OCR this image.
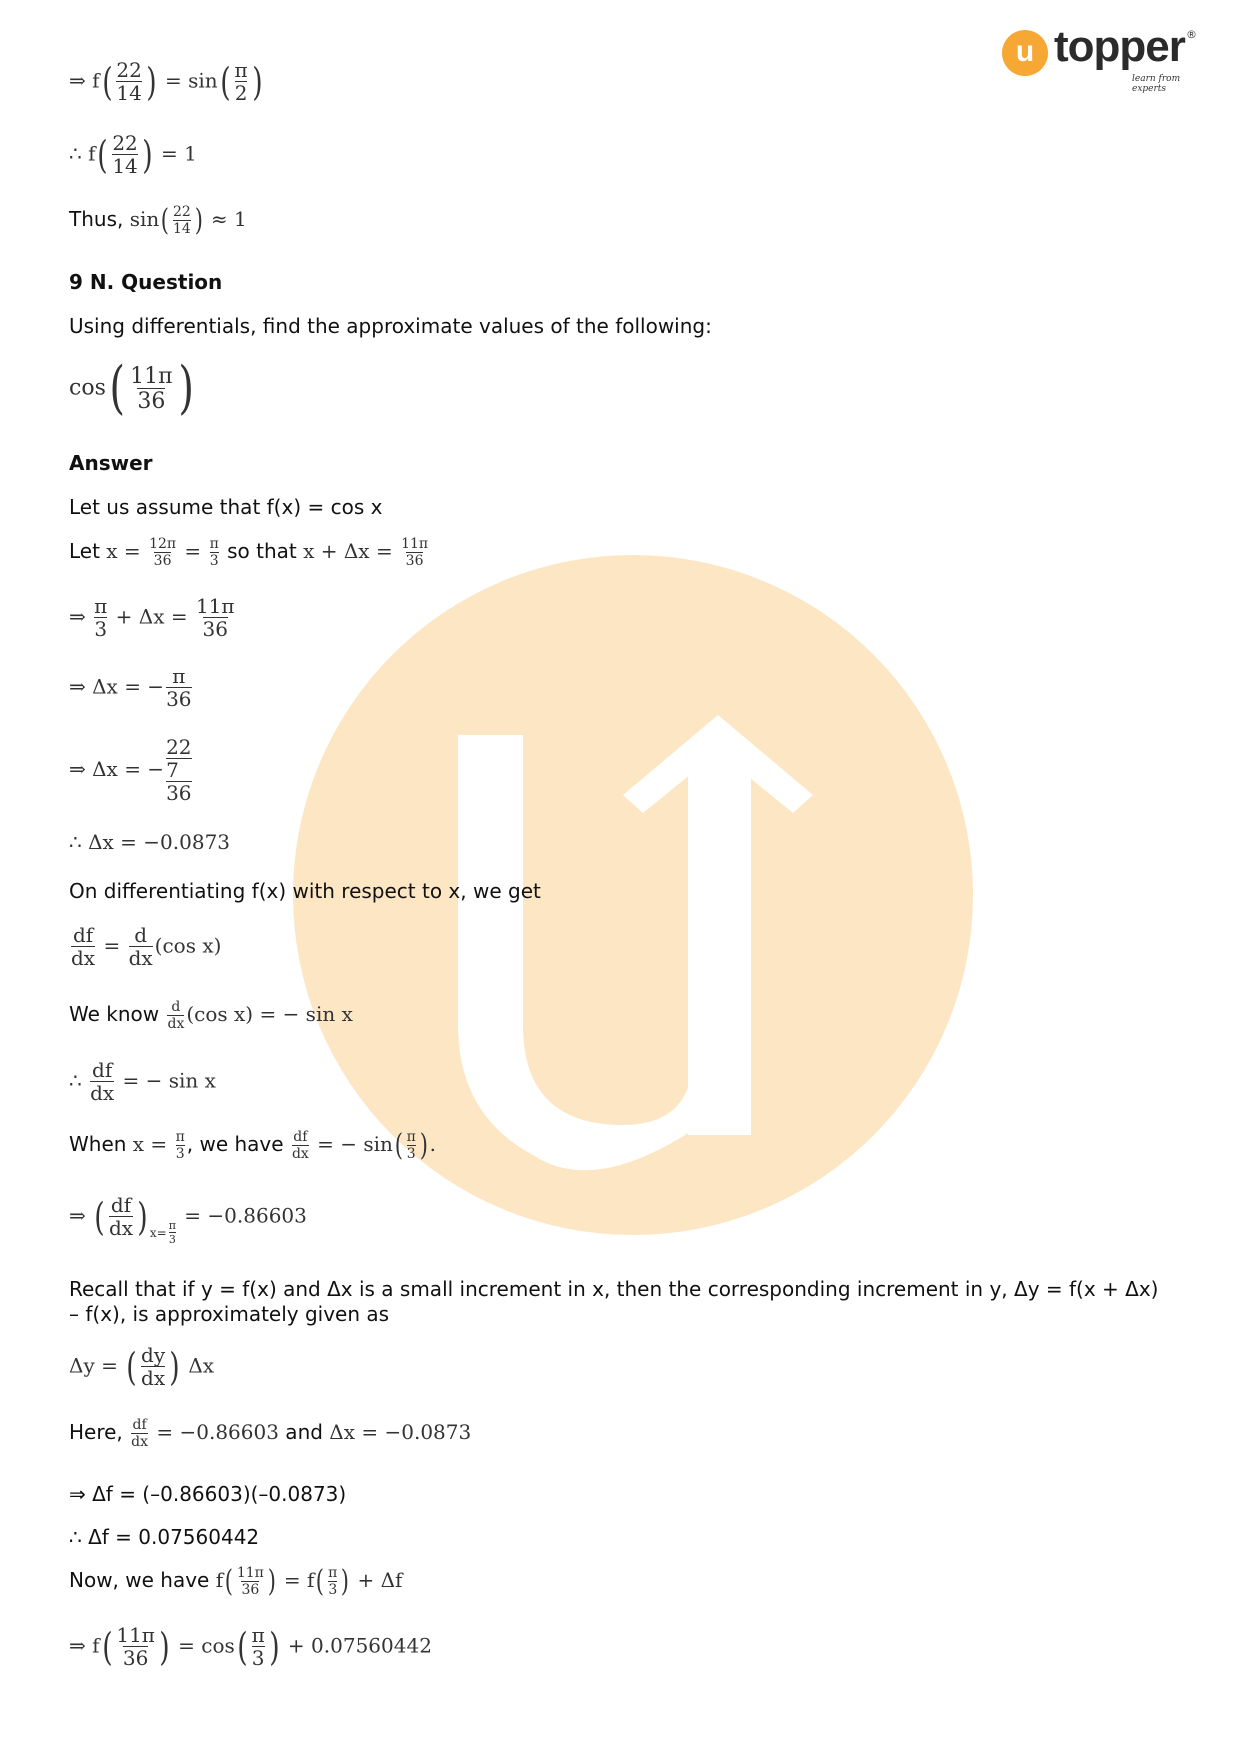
u topper ®
learn from experts
⇒ $f( \frac{22}{14}$ ) = $\sin( \frac{\pi}{2}$ )
∴ $f( \frac{22}{14}$ ) = 1
Thus, $\sin( \frac{22}{14}$ ) ≈ 1
9 N. Question
Using differentials, find the approximate values of the following:
$\cos( \frac{11\pi}{36}$ )
Answer
Let us assume that f(x) = cos x
Let $x = \frac{12\pi}{36} = \frac{\pi}{3}$ so that $x + \Delta x = \frac{11\pi}{36}$
⇒ $\frac{\pi}{3} + \Delta x = \frac{11\pi}{36}$
⇒ Δx = − $\frac{\pi}{36}$
⇒ Δx = − $\frac{\frac{22}{7}}{36}$
∴ Δx = −0.0873
On differentiating f(x) with respect to x, we get
$\frac{df}{dx} = \frac{d}{dx} (\cos$ x)
We know $\frac{d}{dx} (\cos$ x) = − sin x
∴ $\frac{df}{dx}$ = − sin x
When $x = \frac{\pi}{3}$ , we have $\frac{df}{dx}$ = − $\sin( \frac{\pi}{3}$ ).
⇒ ( $\frac{df}{dx}$ ) $_{x= \frac{\pi}{3}}$
= −0.86603
Recall that if y = f(x) and Δx is a small increment in x, then the corresponding increment in y, Δy = f(x + Δx) – f(x), is approximately given as
Δy = ( $\frac{dy}{dx}$ ) Δx
Here, $\frac{df}{dx} = -0.86603$ and Δx = −0.0873
⇒ Δf = (–0.86603)(–0.0873)
∴ Δf = 0.07560442
Now, we have $f( \frac{11\pi}{36}$ ) = $f( \frac{\pi}{3}$ ) + Δf
⇒ $f( \frac{11\pi}{36}$ ) = $\cos( \frac{\pi}{3}$ ) + 0.07560442
